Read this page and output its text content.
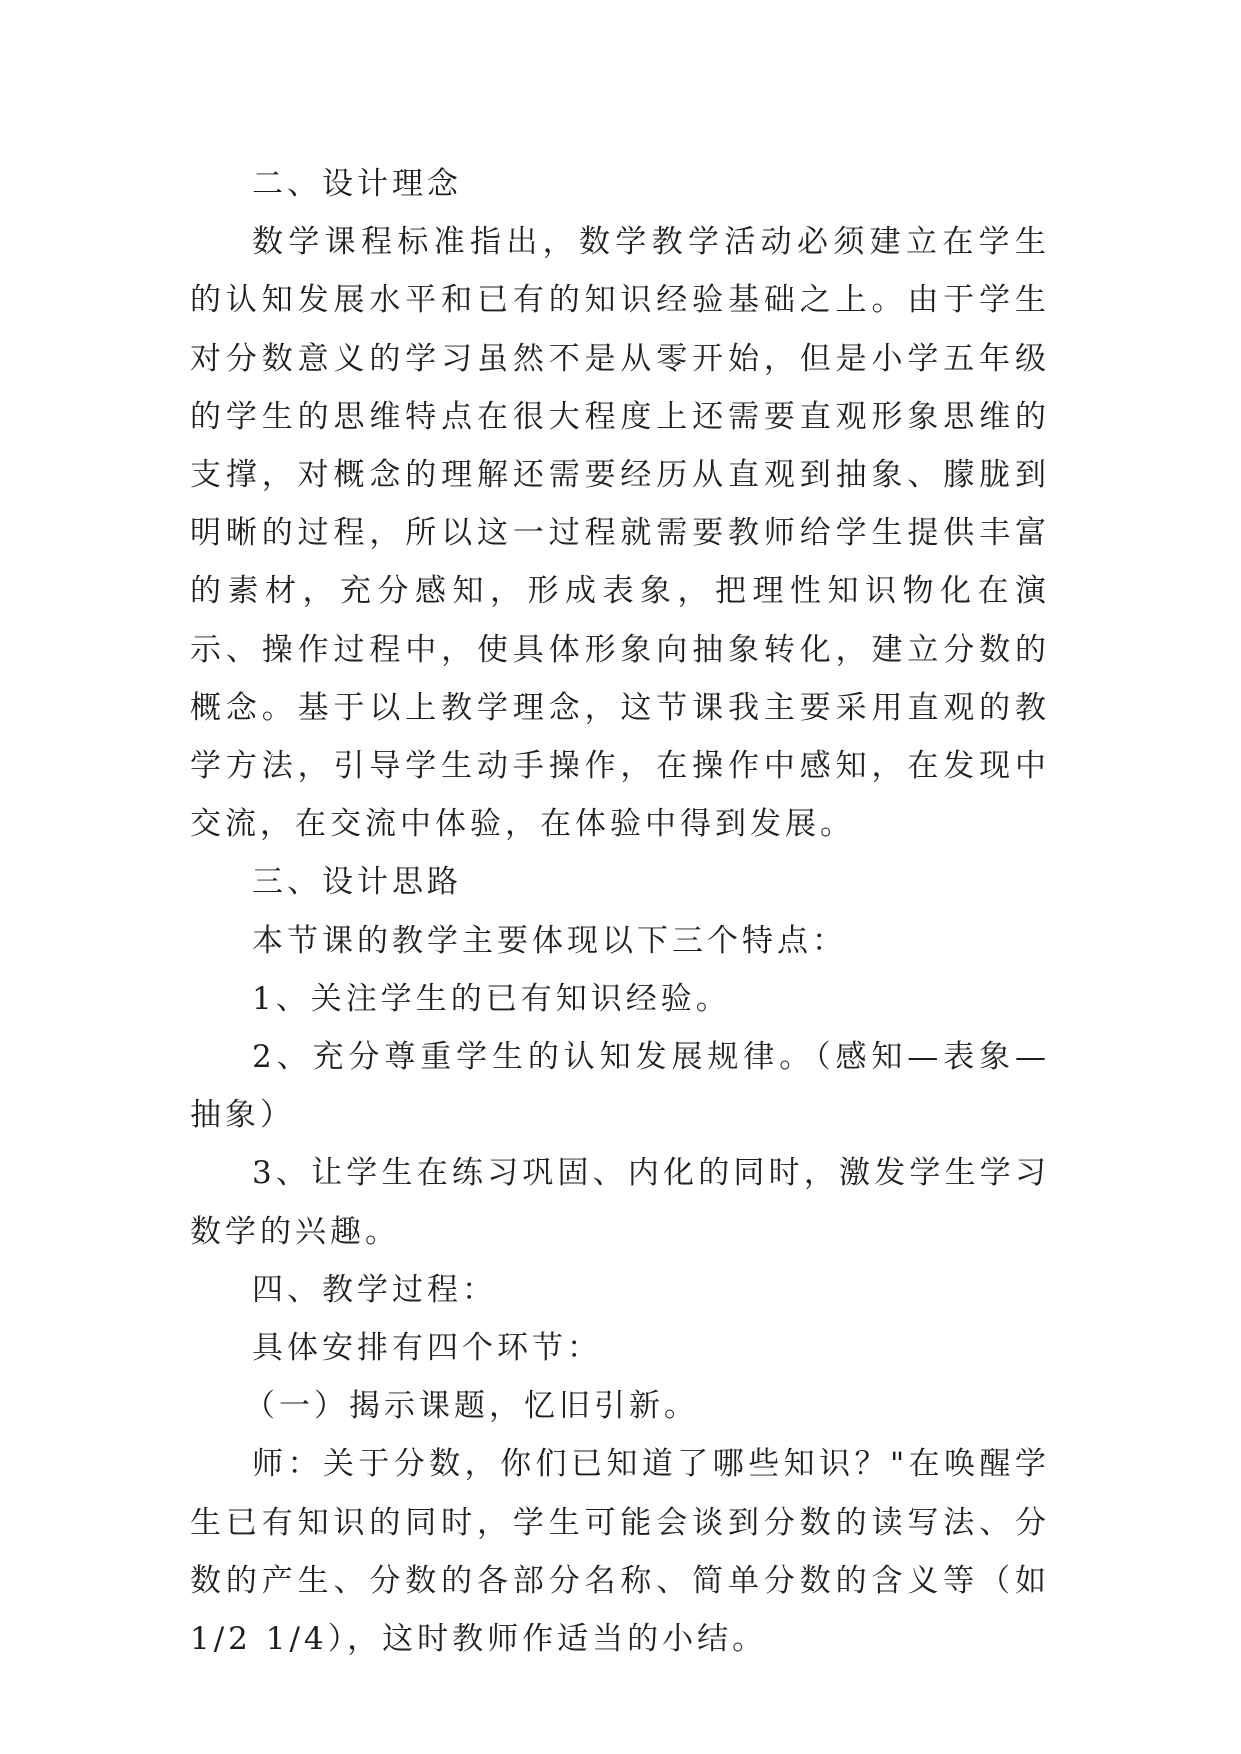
二、设计理念

数学课程标准指出，数学教学活动必须建立在学生的认知发展水平和已有的知识经验基础之上。由于学生对分数意义的学习虽然不是从零开始，但是小学五年级的学生的思维特点在很大程度上还需要直观形象思维的支撑，对概念的理解还需要经历从直观到抽象、朦胧到明晰的过程，所以这一过程就需要教师给学生提供丰富的素材，充分感知，形成表象，把理性知识物化在演示、操作过程中，使具体形象向抽象转化，建立分数的概念。基于以上教学理念，这节课我主要采用直观的教学方法，引导学生动手操作，在操作中感知，在发现中交流，在交流中体验，在体验中得到发展。

三、设计思路

本节课的教学主要体现以下三个特点：

1、关注学生的已有知识经验。

2、充分尊重学生的认知发展规律。（感知—表象—抽象）

3、让学生在练习巩固、内化的同时，激发学生学习数学的兴趣。

四、教学过程：

具体安排有四个环节：

（一）揭示课题，忆旧引新。

师：关于分数，你们已知道了哪些知识？"在唤醒学生已有知识的同时，学生可能会谈到分数的读写法、分数的产生、分数的各部分名称、简单分数的含义等（如 1/2 1/4），这时教师作适当的小结。
